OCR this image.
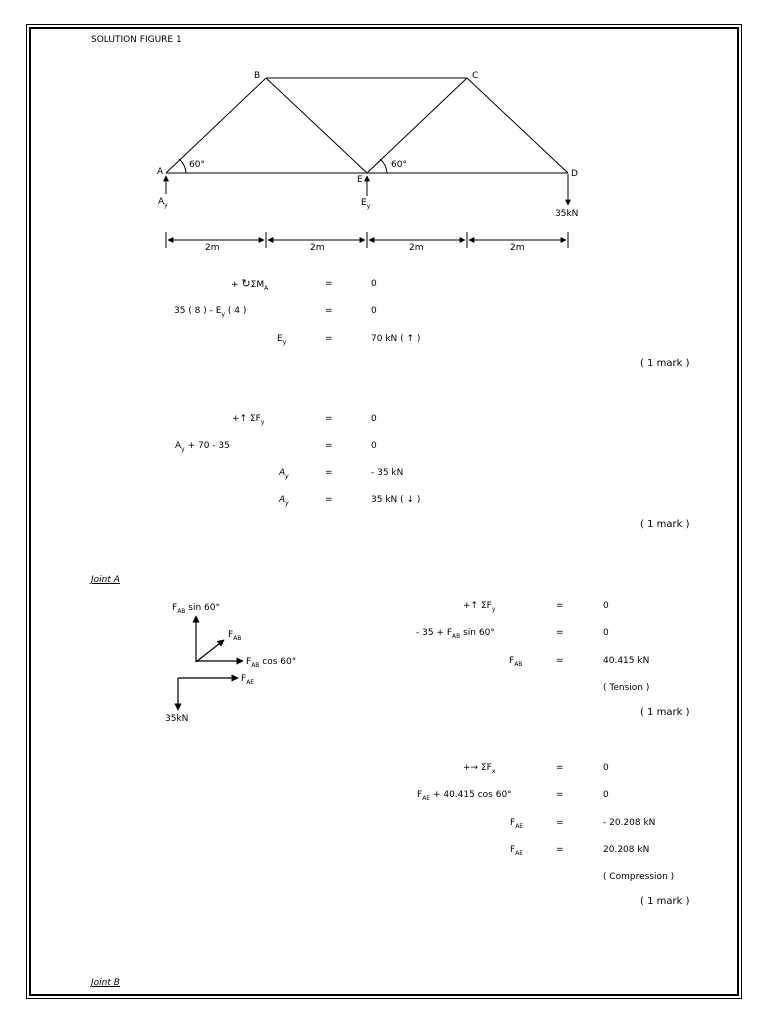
SOLUTION FIGURE 1
B	C
A
E
D
60°	60°
$A_y$	$E_y$
35kN
2m	2m	2m	2m
+ $↻\Sigma M_A$	=	0
35 ( 8 ) - $E_y$ ( 4 )	=	0
$E_y$	=	70 kN ( ↑ )
( 1 mark )
+↑ $\Sigma F_y$	=	0
$A_y + 70 - 35$	=	0
$A_y$	=	- 35 kN
$A_y$	=	35 kN ( ↓ )
( 1 mark )
Joint A
$F_{AB}$ sin 60°
$F_{AB}$
$F_{AB}$ cos 60°
$F_{AE}$
35kN
+↑ $\Sigma F_y$	=	0
- $35 + F_{AB}$ sin 60°	=	0
$F_{AB}$	=	40.415 kN
( Tension )
( 1 mark )
+→ $\Sigma F_x$	=	0
$F_{AE} + 40.415$ cos 60°	=	0
$F_{AE}$	=	- 20.208 kN
$F_{AE}$	=	20.208 kN
( Compression )
( 1 mark )
Joint B
